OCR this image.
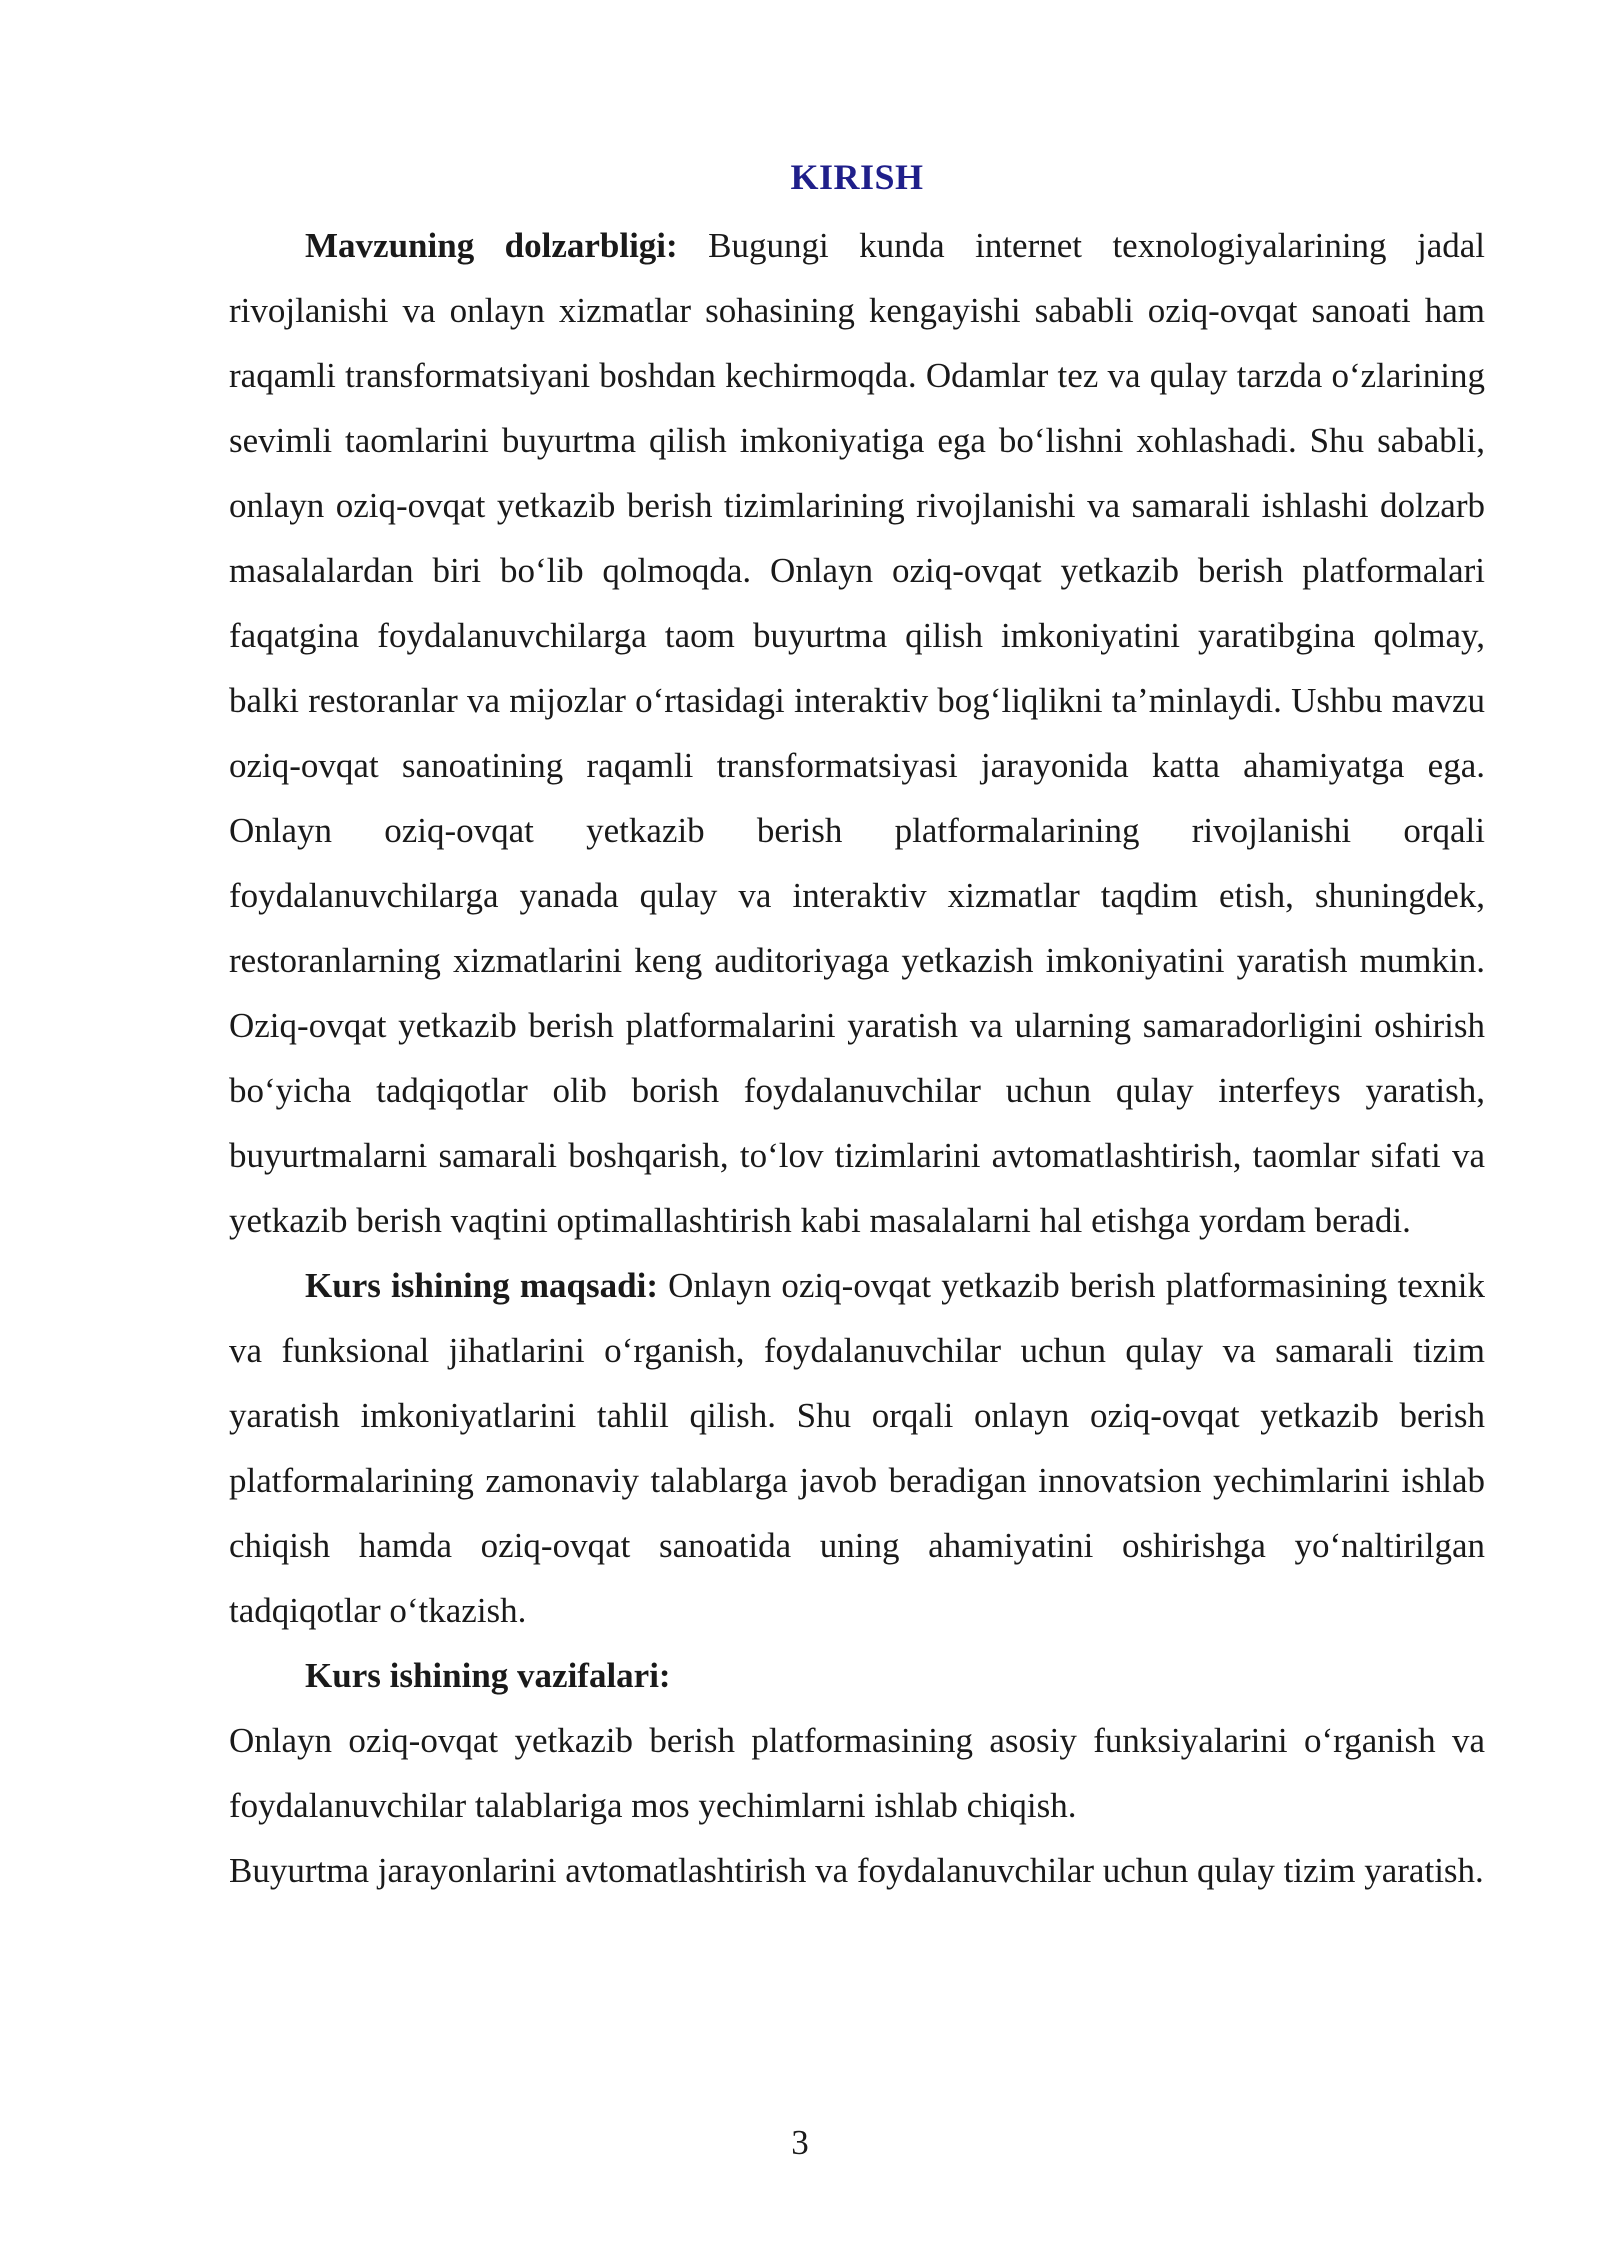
KIRISH

Mavzuning dolzarbligi: Bugungi kunda internet texnologiyalarining jadal rivojlanishi va onlayn xizmatlar sohasining kengayishi sababli oziq-ovqat sanoati ham raqamli transformatsiyani boshdan kechirmoqda. Odamlar tez va qulay tarzda o‘zlarining sevimli taomlarini buyurtma qilish imkoniyatiga ega bo‘lishni xohlashadi. Shu sababli, onlayn oziq-ovqat yetkazib berish tizimlarining rivojlanishi va samarali ishlashi dolzarb masalalardan biri bo‘lib qolmoqda. Onlayn oziq-ovqat yetkazib berish platformalari faqatgina foydalanuvchilarga taom buyurtma qilish imkoniyatini yaratibgina qolmay, balki restoranlar va mijozlar o‘rtasidagi interaktiv bog‘liqlikni ta’minlaydi. Ushbu mavzu oziq-ovqat sanoatining raqamli transformatsiyasi jarayonida katta ahamiyatga ega. Onlayn oziq-ovqat yetkazib berish platformalarining rivojlanishi orqali foydalanuvchilarga yanada qulay va interaktiv xizmatlar taqdim etish, shuningdek, restoranlarning xizmatlarini keng auditoriyaga yetkazish imkoniyatini yaratish mumkin. Oziq-ovqat yetkazib berish platformalarini yaratish va ularning samaradorligini oshirish bo‘yicha tadqiqotlar olib borish foydalanuvchilar uchun qulay interfeys yaratish, buyurtmalarni samarali boshqarish, to‘lov tizimlarini avtomatlashtirish, taomlar sifati va yetkazib berish vaqtini optimallashtirish kabi masalalarni hal etishga yordam beradi.

Kurs ishining maqsadi: Onlayn oziq-ovqat yetkazib berish platformasining texnik va funksional jihatlarini o‘rganish, foydalanuvchilar uchun qulay va samarali tizim yaratish imkoniyatlarini tahlil qilish. Shu orqali onlayn oziq-ovqat yetkazib berish platformalarining zamonaviy talablarga javob beradigan innovatsion yechimlarini ishlab chiqish hamda oziq-ovqat sanoatida uning ahamiyatini oshirishga yo‘naltirilgan tadqiqotlar o‘tkazish.

Kurs ishining vazifalari:

Onlayn oziq-ovqat yetkazib berish platformasining asosiy funksiyalarini o‘rganish va foydalanuvchilar talablariga mos yechimlarni ishlab chiqish.

Buyurtma jarayonlarini avtomatlashtirish va foydalanuvchilar uchun qulay tizim yaratish.

3
